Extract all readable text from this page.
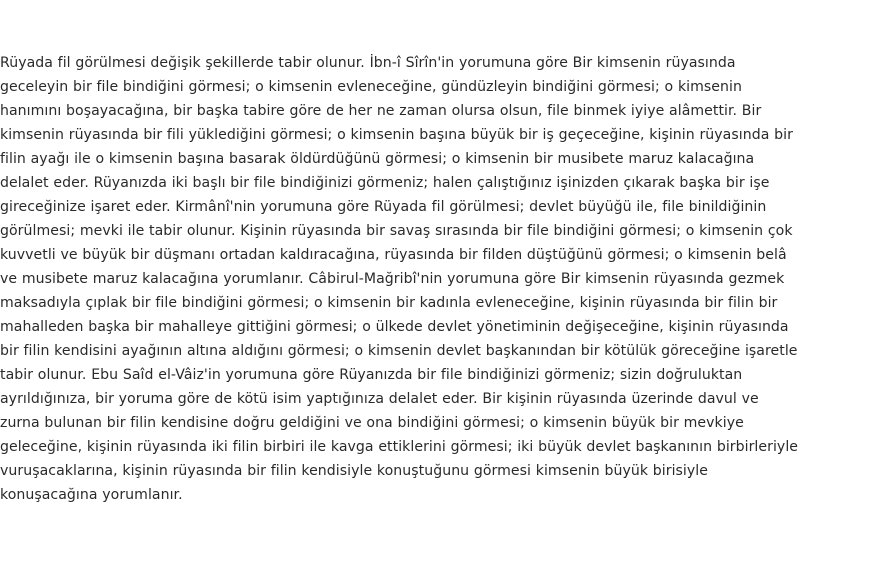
Rüyada fil görülmesi değişik şekillerde tabir olunur. İbn-î Sîrîn'in yorumuna göre Bir kimsenin rüyasında geceleyin bir file bindiğini görmesi; o kimsenin evleneceğine, gündüzleyin bindiğini görmesi; o kimsenin hanımını boşayacağına, bir başka tabire göre de her ne zaman olursa olsun, file binmek iyiye alâmettir. Bir kimsenin rüyasında bir fili yüklediğini görmesi; o kimsenin başına büyük bir iş geçeceğine, kişinin rüyasında bir filin ayağı ile o kimsenin başına basarak öldürdüğünü görmesi; o kimsenin bir musibete maruz kalacağına delalet eder. Rüyanızda iki başlı bir file bindiğinizi görmeniz; halen çalıştığınız işinizden çıkarak başka bir işe gireceğinize işaret eder. Kirmânî'nin yorumuna göre Rüyada fil görülmesi; devlet büyüğü ile, file binildiğinin görülmesi; mevki ile tabir olunur. Kişinin rüyasında bir savaş sırasında bir file bindiğini görmesi; o kimsenin çok kuvvetli ve büyük bir düşmanı ortadan kaldıracağına, rüyasında bir filden düştüğünü görmesi; o kimsenin belâ ve musibete maruz kalacağına yorumlanır. Câbirul-Mağribî'nin yorumuna göre Bir kimsenin rüyasında gezmek maksadıyla çıplak bir file bindiğini görmesi; o kimsenin bir kadınla evleneceğine, kişinin rüyasında bir filin bir mahalleden başka bir mahalleye gittiğini görmesi; o ülkede devlet yönetiminin değişeceğine, kişinin rüyasında bir filin kendisini ayağının altına aldığını görmesi; o kimsenin devlet başkanından bir kötülük göreceğine işaretle tabir olunur. Ebu Saîd el-Vâiz'in yorumuna göre Rüyanızda bir file bindiğinizi görmeniz; sizin doğruluktan ayrıldığınıza, bir yoruma göre de kötü isim yaptığınıza delalet eder. Bir kişinin rüyasında üzerinde davul ve zurna bulunan bir filin kendisine doğru geldiğini ve ona bindiğini görmesi; o kimsenin büyük bir mevkiye geleceğine, kişinin rüyasında iki filin birbiri ile kavga ettiklerini görmesi; iki büyük devlet başkanının birbirleriyle vuruşacaklarına, kişinin rüyasında bir filin kendisiyle konuştuğunu görmesi kimsenin büyük birisiyle konuşacağına yorumlanır.
